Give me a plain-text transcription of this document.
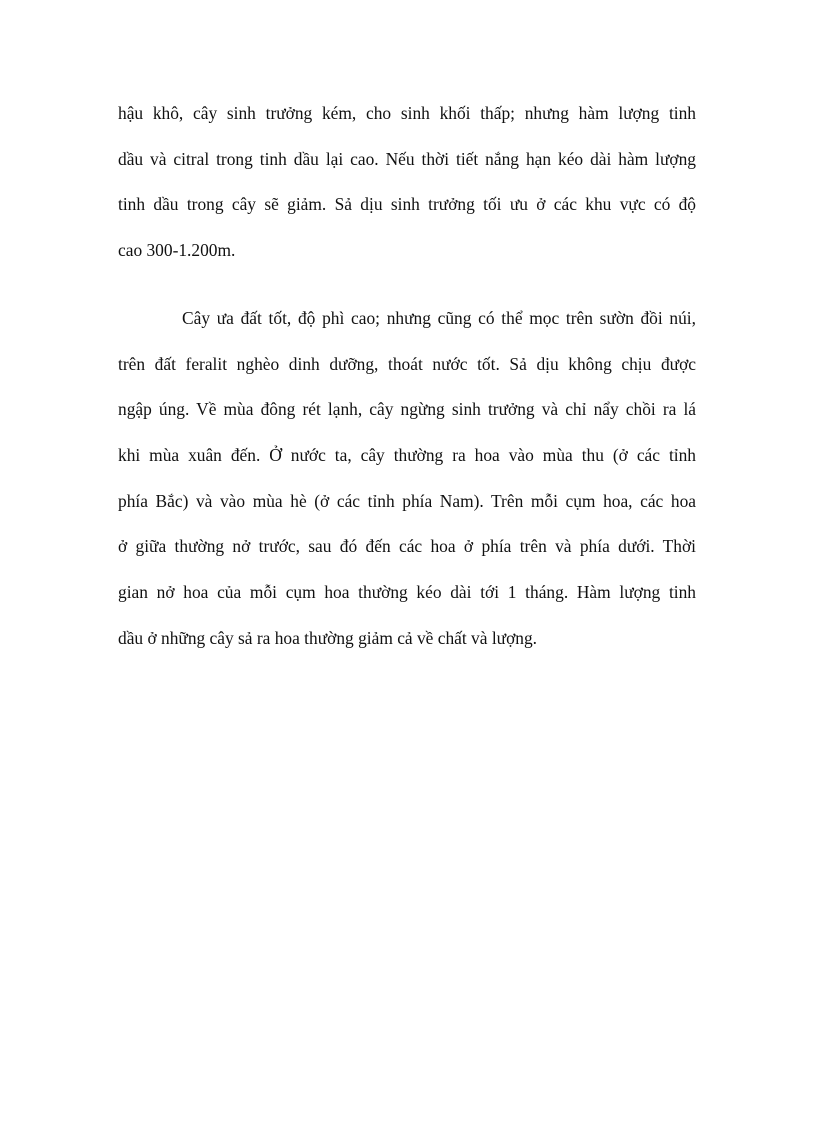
hậu khô, cây sinh trưởng kém, cho sinh khối thấp; nhưng hàm lượng tinh
dầu và citral trong tinh dầu lại cao. Nếu thời tiết nắng hạn kéo dài hàm lượng
tinh dầu trong cây sẽ giảm. Sả dịu sinh trưởng tối ưu ở các khu vực có độ
cao 300-1.200m.
Cây ưa đất tốt, độ phì cao; nhưng cũng có thể mọc trên sườn đồi núi,
trên đất feralit nghèo dinh dưỡng, thoát nước tốt. Sả dịu không chịu được
ngập úng. Về mùa đông rét lạnh, cây ngừng sinh trưởng và chỉ nẩy chồi ra lá
khi mùa xuân đến. Ở nước ta, cây thường ra hoa vào mùa thu (ở các tỉnh
phía Bắc) và vào mùa hè (ở các tỉnh phía Nam). Trên mỗi cụm hoa, các hoa
ở giữa thường nở trước, sau đó đến các hoa ở phía trên và phía dưới. Thời
gian nở hoa của mỗi cụm hoa thường kéo dài tới 1 tháng. Hàm lượng tinh
dầu ở những cây sả ra hoa thường giảm cả về chất và lượng.
